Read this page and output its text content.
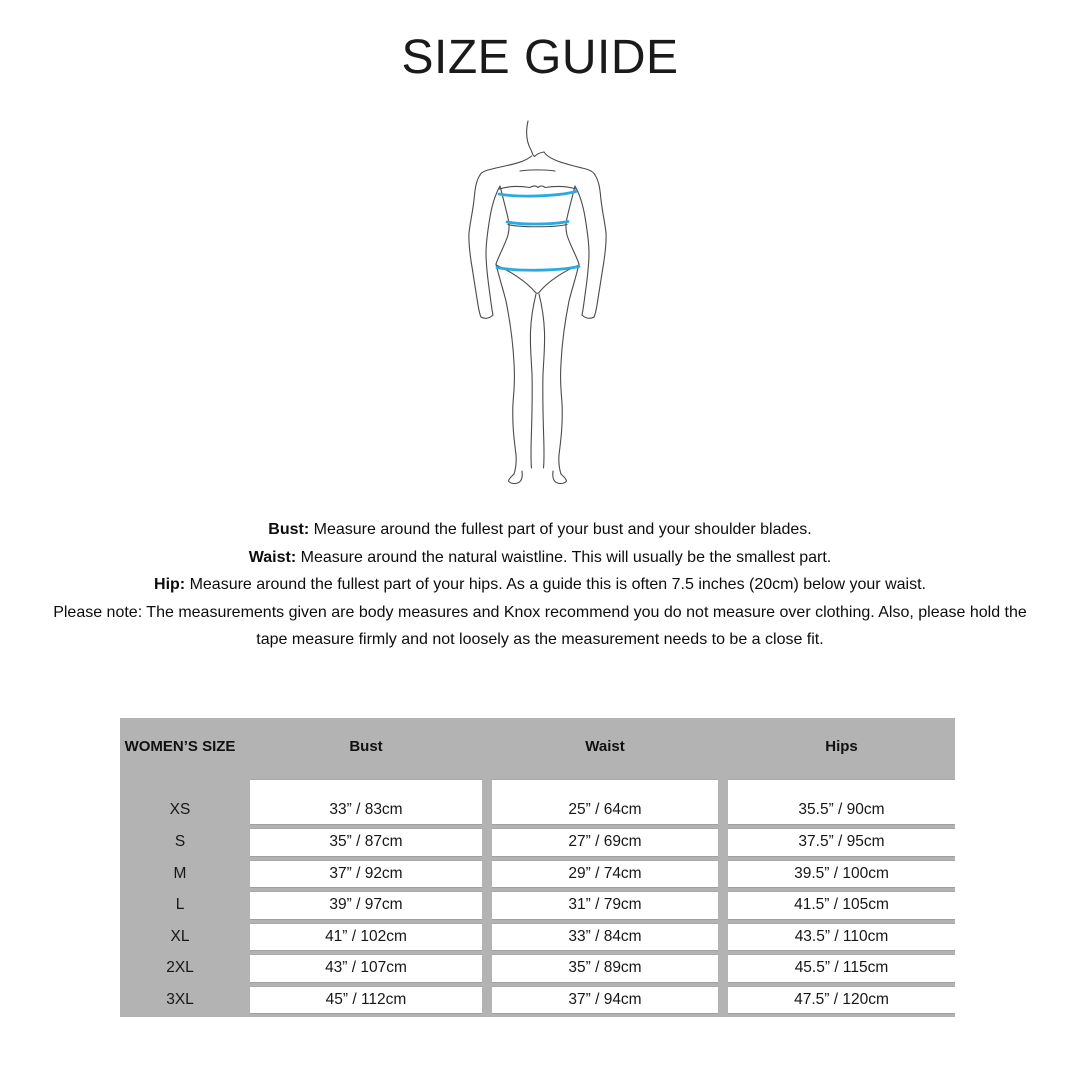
SIZE GUIDE

Bust: Measure around the fullest part of your bust and your shoulder blades.

Waist: Measure around the natural waistline. This will usually be the smallest part.

Hip: Measure around the fullest part of your hips. As a guide this is often 7.5 inches (20cm) below your waist.

Please note: The measurements given are body measures and Knox recommend you do not measure over clothing. Also, please hold the tape measure firmly and not loosely as the measurement needs to be a close fit.

WOMEN’S SIZE	Bust	Waist	Hips
XS	33” / 83cm	25” / 64cm	35.5” / 90cm
S	35” / 87cm	27” / 69cm	37.5” / 95cm
M	37” / 92cm	29” / 74cm	39.5” / 100cm
L	39” / 97cm	31” / 79cm	41.5” / 105cm
XL	41” / 102cm	33” / 84cm	43.5” / 110cm
2XL	43” / 107cm	35” / 89cm	45.5” / 115cm
3XL	45” / 112cm	37” / 94cm	47.5” / 120cm
